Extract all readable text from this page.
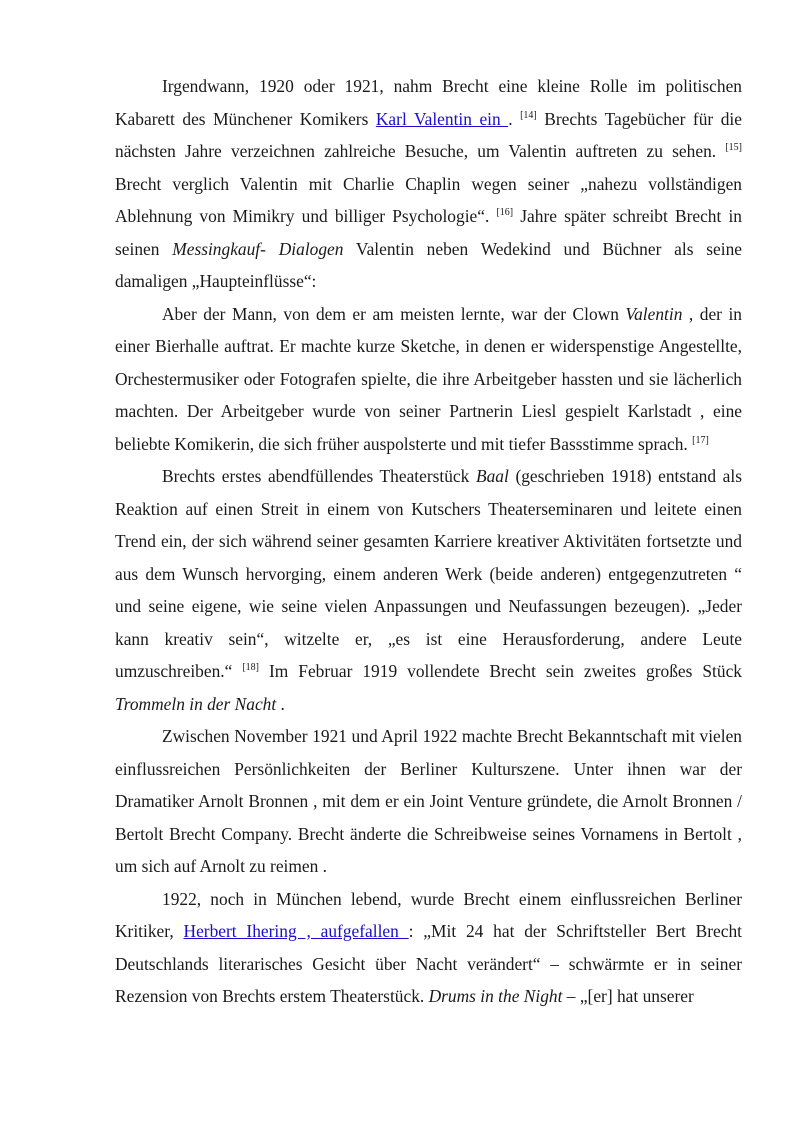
Irgendwann, 1920 oder 1921, nahm Brecht eine kleine Rolle im politischen Kabarett des Münchener Komikers Karl Valentin ein . [14] Brechts Tagebücher für die nächsten Jahre verzeichnen zahlreiche Besuche, um Valentin auftreten zu sehen. [15] Brecht verglich Valentin mit Charlie Chaplin wegen seiner „nahezu vollständigen Ablehnung von Mimikry und billiger Psychologie“. [16] Jahre später schreibt Brecht in seinen Messingkauf- Dialogen Valentin neben Wedekind und Büchner als seine damaligen „Haupteinflüsse“:

Aber der Mann, von dem er am meisten lernte, war der Clown Valentin , der in einer Bierhalle auftrat. Er machte kurze Sketche, in denen er widerspenstige Angestellte, Orchestermusiker oder Fotografen spielte, die ihre Arbeitgeber hassten und sie lächerlich machten. Der Arbeitgeber wurde von seiner Partnerin Liesl gespielt Karlstadt , eine beliebte Komikerin, die sich früher auspolsterte und mit tiefer Bassstimme sprach. [17]

Brechts erstes abendfüllendes Theaterstück Baal (geschrieben 1918) entstand als Reaktion auf einen Streit in einem von Kutschers Theaterseminaren und leitete einen Trend ein, der sich während seiner gesamten Karriere kreativer Aktivitäten fortsetzte und aus dem Wunsch hervorging, einem anderen Werk (beide anderen) entgegenzutreten “ und seine eigene, wie seine vielen Anpassungen und Neufassungen bezeugen). „Jeder kann kreativ sein“, witzelte er, „es ist eine Herausforderung, andere Leute umzuschreiben.“ [18] Im Februar 1919 vollendete Brecht sein zweites großes Stück Trommeln in der Nacht .

Zwischen November 1921 und April 1922 machte Brecht Bekanntschaft mit vielen einflussreichen Persönlichkeiten der Berliner Kulturszene. Unter ihnen war der Dramatiker Arnolt Bronnen , mit dem er ein Joint Venture gründete, die Arnolt Bronnen / Bertolt Brecht Company. Brecht änderte die Schreibweise seines Vornamens in Bertolt , um sich auf Arnolt zu reimen .

1922, noch in München lebend, wurde Brecht einem einflussreichen Berliner Kritiker, Herbert Ihering , aufgefallen : „Mit 24 hat der Schriftsteller Bert Brecht Deutschlands literarisches Gesicht über Nacht verändert“ – schwärmte er in seiner Rezension von Brechts erstem Theaterstück. Drums in the Night – „[er] hat unserer
